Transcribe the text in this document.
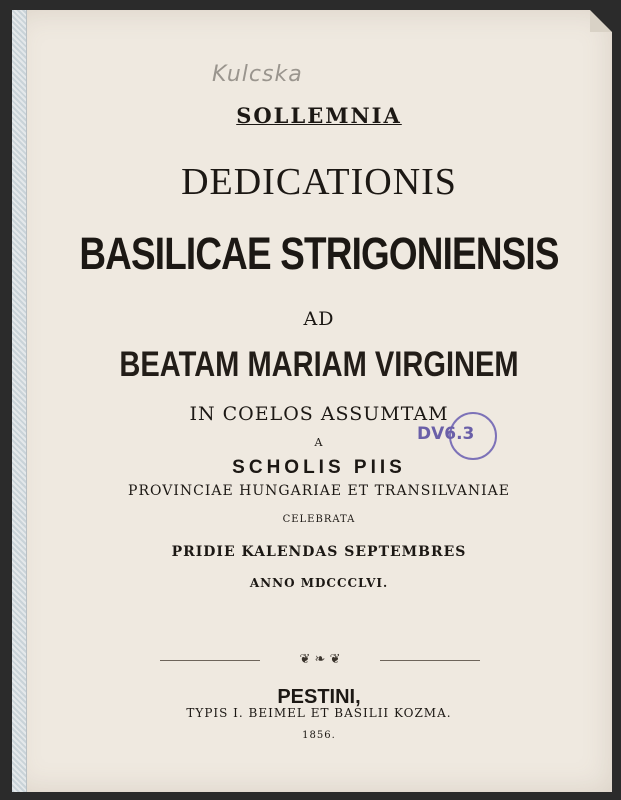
Kulcska
SOLLEMNIA
DEDICATIONIS
BASILICAE STRIGONIENSIS
AD
BEATAM MARIAM VIRGINEM
IN COELOS ASSUMTAM
A
SCHOLIS PIIS
PROVINCIAE HUNGARIAE ET TRANSILVANIAE
CELEBRATA
PRIDIE KALENDAS SEPTEMBRES
ANNO MDCCCLVI.
❦ ❧ ❦
PESTINI,
TYPIS I. BEIMEL ET BASILII KOZMA.
1856.
DV6.3
